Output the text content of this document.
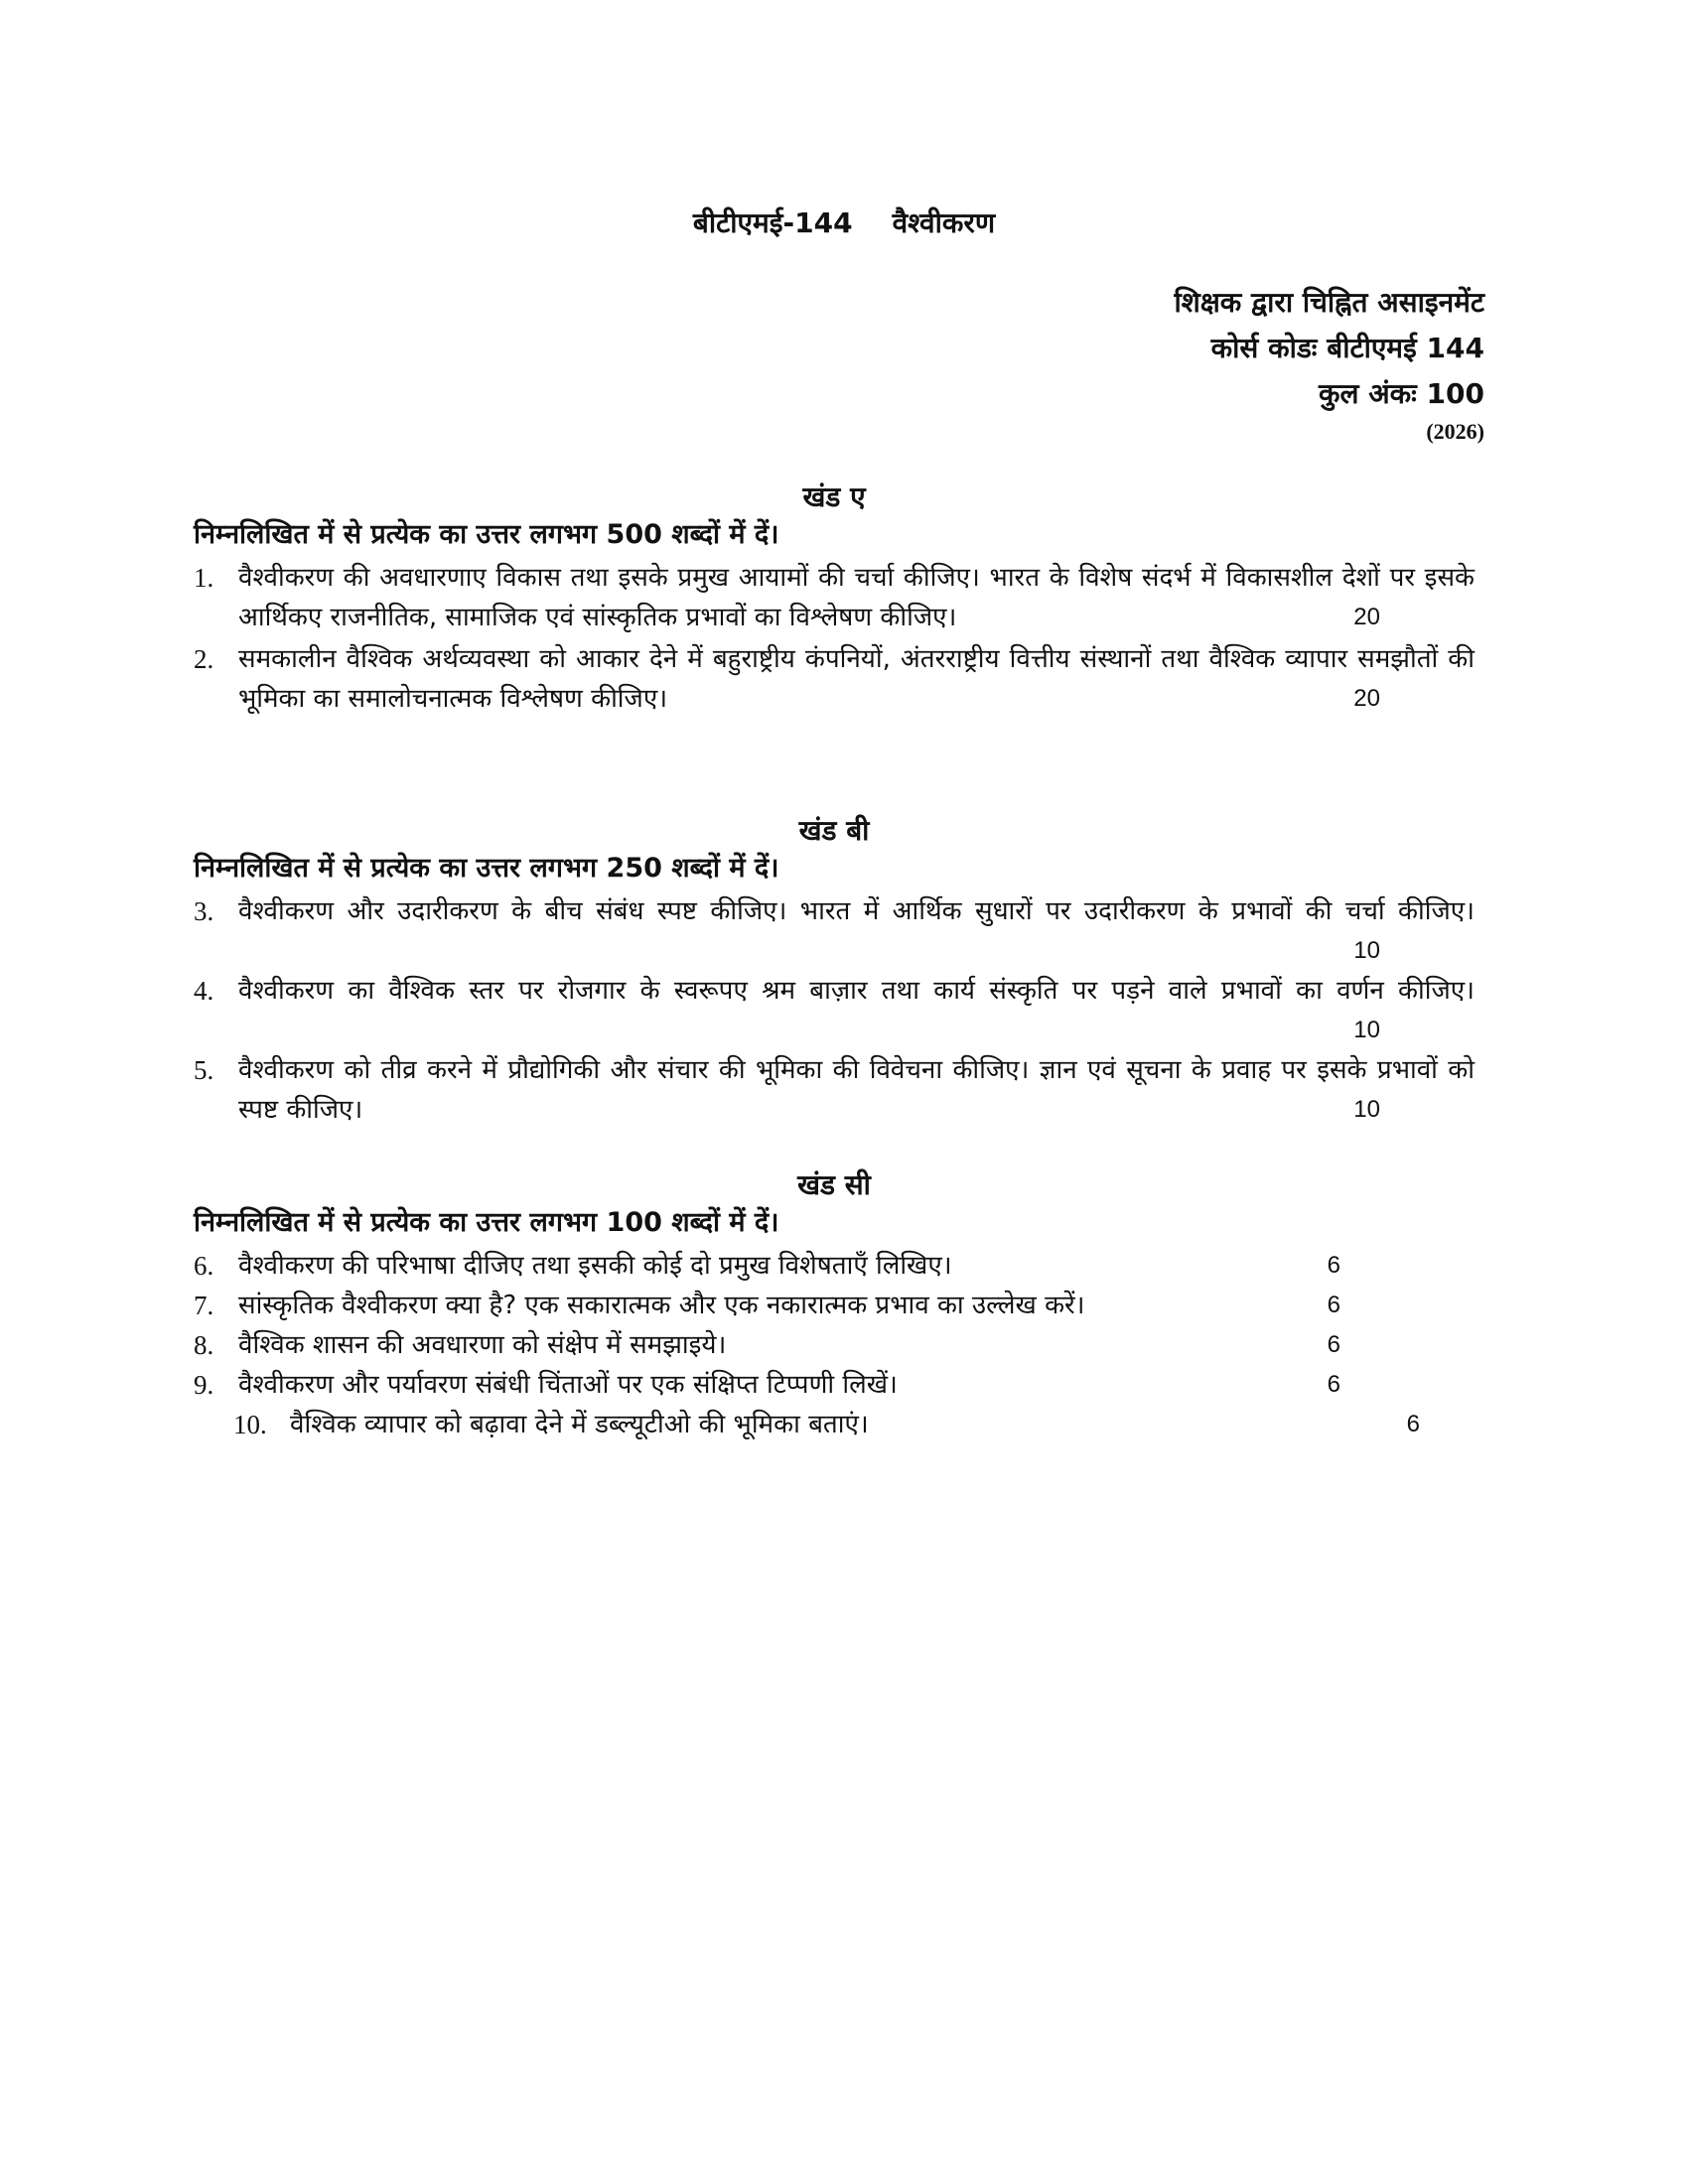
बीटीएमई-144 वैश्वीकरण
शिक्षक द्वारा चिह्नित असाइनमेंट
कोर्स कोडः बीटीएमई 144
कुल अंकः 100
(2026)
खंड ए
निम्नलिखित में से प्रत्येक का उत्तर लगभग 500 शब्दों में दें।
1. वैश्वीकरण की अवधारणाए विकास तथा इसके प्रमुख आयामों की चर्चा कीजिए। भारत के विशेष संदर्भ में विकासशील देशों पर इसके आर्थिकए राजनीतिक, सामाजिक एवं सांस्कृतिक प्रभावों का विश्लेषण कीजिए।	20
2. समकालीन वैश्विक अर्थव्यवस्था को आकार देने में बहुराष्ट्रीय कंपनियों, अंतरराष्ट्रीय वित्तीय संस्थानों तथा वैश्विक व्यापार समझौतों की भूमिका का समालोचनात्मक विश्लेषण कीजिए।	20
खंड बी
निम्नलिखित में से प्रत्येक का उत्तर लगभग 250 शब्दों में दें।
3. वैश्वीकरण और उदारीकरण के बीच संबंध स्पष्ट कीजिए। भारत में आर्थिक सुधारों पर उदारीकरण के प्रभावों की चर्चा कीजिए।
10
4. वैश्वीकरण का वैश्विक स्तर पर रोजगार के स्वरूपए श्रम बाज़ार तथा कार्य संस्कृति पर पड़ने वाले प्रभावों का वर्णन कीजिए।
10
5. वैश्वीकरण को तीव्र करने में प्रौद्योगिकी और संचार की भूमिका की विवेचना कीजिए। ज्ञान एवं सूचना के प्रवाह पर इसके प्रभावों को स्पष्ट कीजिए।	10
खंड सी
निम्नलिखित में से प्रत्येक का उत्तर लगभग 100 शब्दों में दें।
6. वैश्वीकरण की परिभाषा दीजिए तथा इसकी कोई दो प्रमुख विशेषताएँ लिखिए।	6
7. सांस्कृतिक वैश्वीकरण क्या है? एक सकारात्मक और एक नकारात्मक प्रभाव का उल्लेख करें।	6
8. वैश्विक शासन की अवधारणा को संक्षेप में समझाइये।	6
9. वैश्वीकरण और पर्यावरण संबंधी चिंताओं पर एक संक्षिप्त टिप्पणी लिखें।	6
10. वैश्विक व्यापार को बढ़ावा देने में डब्ल्यूटीओ की भूमिका बताएं।	6
